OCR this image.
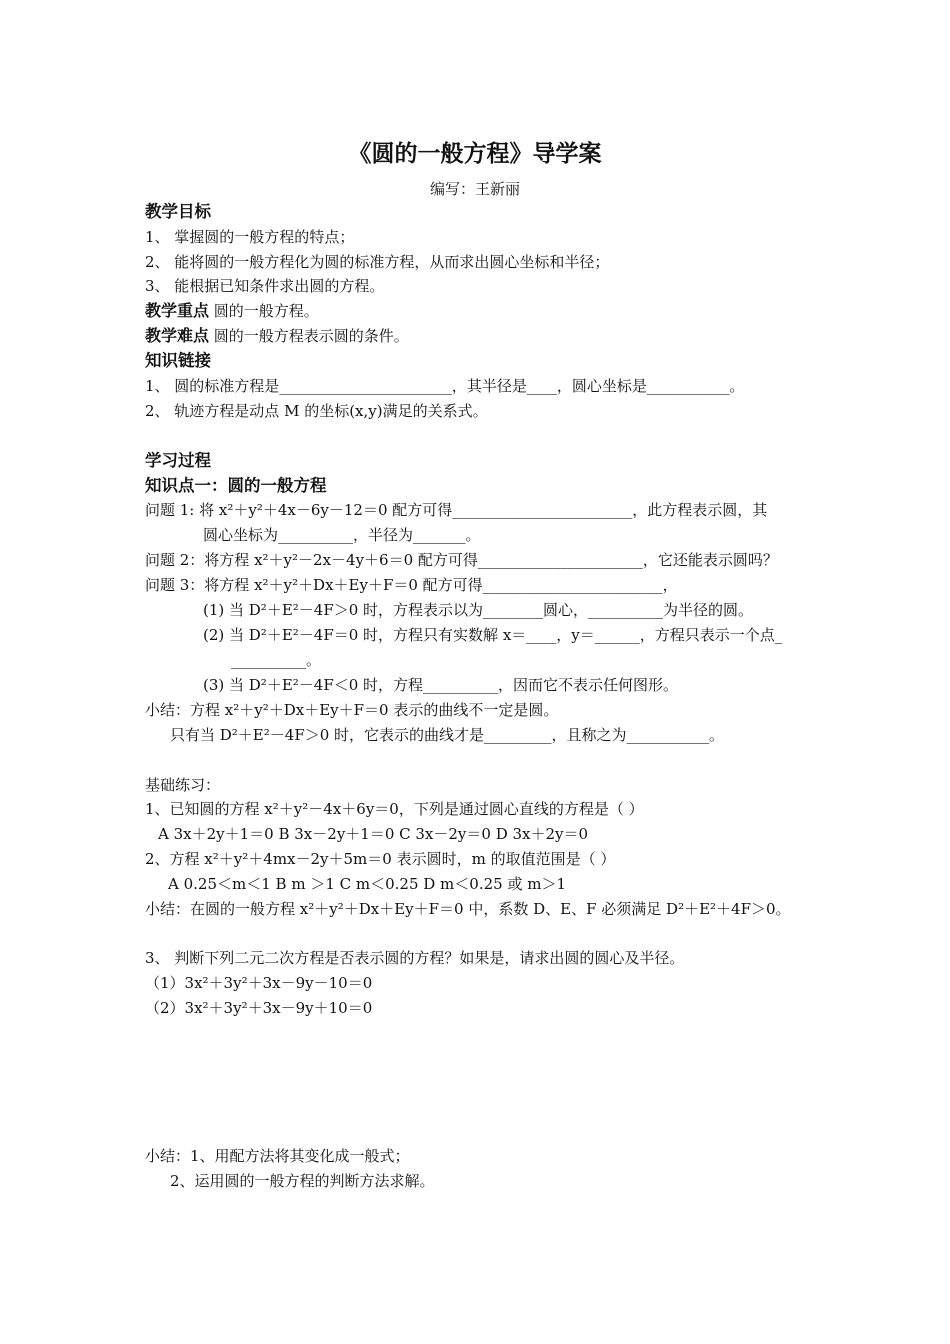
《圆的一般方程》导学案
编写：王新丽
教学目标
1、 掌握圆的一般方程的特点；
2、 能将圆的一般方程化为圆的标准方程，从而求出圆心坐标和半径；
3、 能根据已知条件求出圆的方程。
教学重点 圆的一般方程。
教学难点 圆的一般方程表示圆的条件。
知识链接
1、 圆的标准方程是_______________________，其半径是____，圆心坐标是___________。
2、 轨迹方程是动点 M 的坐标(x,y)满足的关系式。
学习过程
知识点一：圆的一般方程
问题 1: 将 x²＋y²＋4x－6y－12＝0 配方可得________________________，此方程表示圆，其
圆心坐标为__________，半径为_______。
问题 2：将方程 x²＋y²－2x－4y＋6＝0 配方可得______________________，它还能表示圆吗？
问题 3：将方程 x²＋y²＋Dx＋Ey＋F＝0 配方可得________________________，
(1) 当 D²＋E²－4F＞0 时，方程表示以为________圆心，__________为半径的圆。
(2) 当 D²＋E²－4F＝0 时，方程只有实数解 x＝____，y＝______，方程只表示一个点_
__________。
(3) 当 D²＋E²－4F＜0 时，方程__________，因而它不表示任何图形。
小结：方程 x²＋y²＋Dx＋Ey＋F＝0 表示的曲线不一定是圆。
只有当 D²＋E²－4F＞0 时，它表示的曲线才是_________，且称之为___________。
基础练习：
1、已知圆的方程 x²＋y²－4x＋6y＝0，下列是通过圆心直线的方程是（ ）
A 3x＋2y＋1＝0 B 3x－2y＋1＝0 C 3x－2y＝0 D 3x＋2y＝0
2、方程 x²＋y²＋4mx－2y＋5m＝0 表示圆时，m 的取值范围是（ ）
A 0.25＜m＜1 B m ＞1 C m＜0.25 D m＜0.25 或 m＞1
小结：在圆的一般方程 x²＋y²＋Dx＋Ey＋F＝0 中，系数 D、E、F 必须满足 D²＋E²＋4F＞0。
3、 判断下列二元二次方程是否表示圆的方程？如果是，请求出圆的圆心及半径。
（1）3x²＋3y²＋3x－9y－10＝0
（2）3x²＋3y²＋3x－9y＋10＝0
小结：1、用配方法将其变化成一般式；
2、运用圆的一般方程的判断方法求解。
